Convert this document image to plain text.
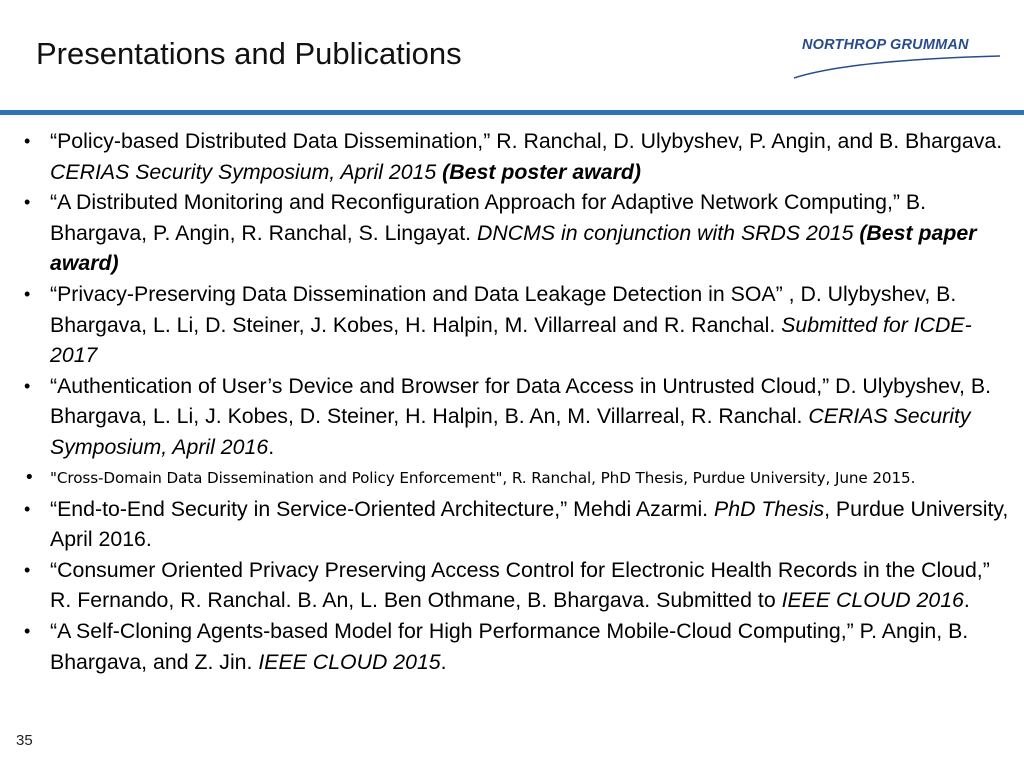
Presentations and Publications	NORTHROP GRUMMAN
• “Policy-based Distributed Data Dissemination,” R. Ranchal, D. Ulybyshev, P. Angin, and B. Bhargava. CERIAS Security Symposium, April 2015 (Best poster award)
• “A Distributed Monitoring and Reconfiguration Approach for Adaptive Network Computing,” B. Bhargava, P. Angin, R. Ranchal, S. Lingayat. DNCMS in conjunction with SRDS 2015 (Best paper award)
• “Privacy-Preserving Data Dissemination and Data Leakage Detection in SOA” , D. Ulybyshev, B. Bhargava, L. Li, D. Steiner, J. Kobes, H. Halpin, M. Villarreal and R. Ranchal. Submitted for ICDE-2017
• “Authentication of User’s Device and Browser for Data Access in Untrusted Cloud,” D. Ulybyshev, B. Bhargava, L. Li, J. Kobes, D. Steiner, H. Halpin, B. An, M. Villarreal, R. Ranchal. CERIAS Security Symposium, April 2016.
• "Cross-Domain Data Dissemination and Policy Enforcement", R. Ranchal, PhD Thesis, Purdue University, June 2015.
• “End-to-End Security in Service-Oriented Architecture,” Mehdi Azarmi. PhD Thesis, Purdue University, April 2016.
• “Consumer Oriented Privacy Preserving Access Control for Electronic Health Records in the Cloud,” R. Fernando, R. Ranchal. B. An, L. Ben Othmane, B. Bhargava. Submitted to IEEE CLOUD 2016.
• “A Self-Cloning Agents-based Model for High Performance Mobile-Cloud Computing,” P. Angin, B. Bhargava, and Z. Jin. IEEE CLOUD 2015.
35
